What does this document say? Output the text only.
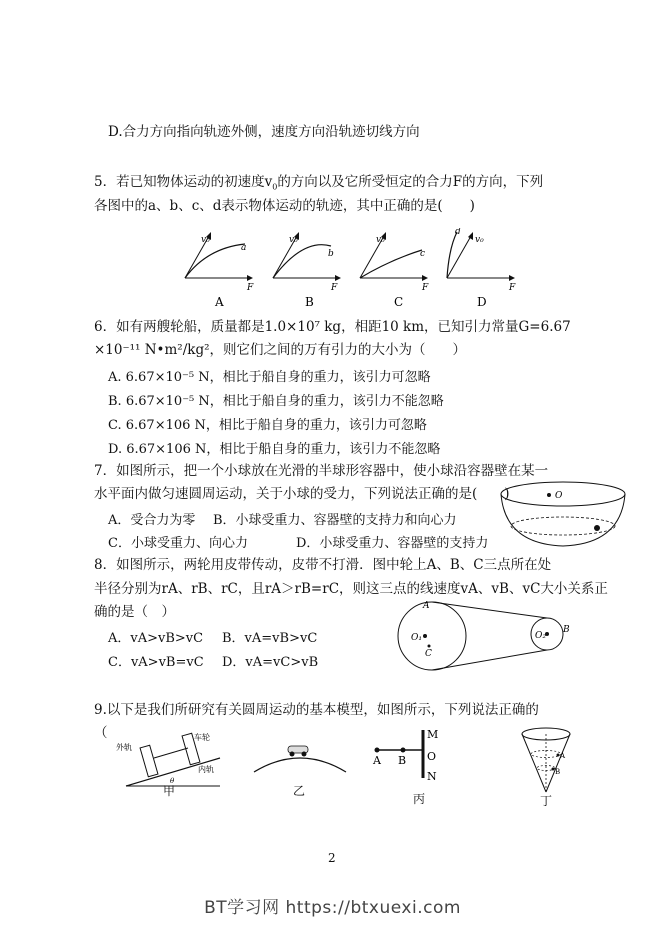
D.合力方向指向轨迹外侧，速度方向沿轨迹切线方向
5．若已知物体运动的初速度$v_0$的方向以及它所受恒定的合力F的方向，下列
各图中的a、b、c、d表示物体运动的轨迹，其中正确的是(　　)
v₀
a
F
A
v₀
b
F
B
v₀
c
F
C
v₀
d
F
D
6．如有两艘轮船，质量都是1.0×10⁷ kg，相距10 km，已知引力常量G=6.67
×10⁻¹¹ N•m²/kg²，则它们之间的万有引力的大小为（　　）
A. 6.67×10⁻⁵ N，相比于船自身的重力，该引力可忽略
B. 6.67×10⁻⁵ N，相比于船自身的重力，该引力不能忽略
C. 6.67×106 N，相比于船自身的重力，该引力可忽略
D. 6.67×106 N，相比于船自身的重力，该引力不能忽略
7．如图所示，把一个小球放在光滑的半球形容器中，使小球沿容器壁在某一
水平面内做匀速圆周运动，关于小球的受力，下列说法正确的是(　　)
A．受合力为零 B．小球受重力、容器壁的支持力和向心力
C．小球受重力、向心力	D．小球受重力、容器壁的支持力
O
8．如图所示，两轮用皮带传动，皮带不打滑．图中轮上A、B、C三点所在处
半径分别为rA、rB、rC，且rA＞rB=rC，则这三点的线速度vA、vB、vC大小关系正
确的是（　）
A．vA>vB>vC B．vA=vB>vC
C．vA>vB=vC D．vA=vC>vB
O₁
C
A
O₂
B
9.以下是我们所研究有关圆周运动的基本模型，如图所示，下列说法正确的
（
外轨
车轮
内轨
θ
甲	乙
A B
M
O
N
丙
A
B
丁
2
BT学习网 https://btxuexi.com
